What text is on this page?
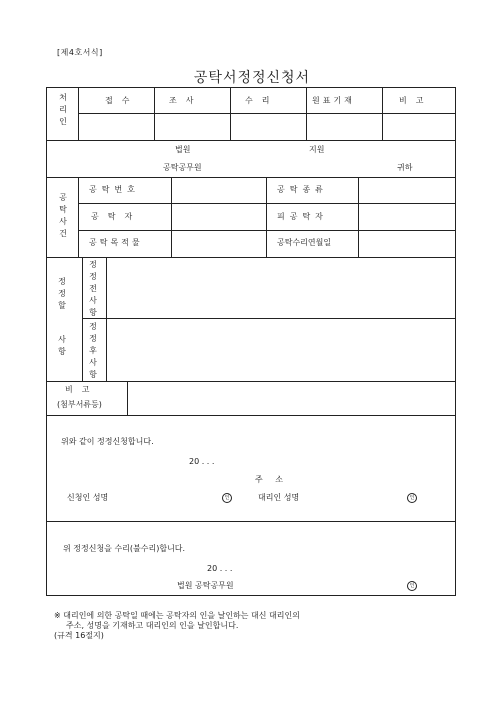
[제4호서식]
공탁서정정신청서
처리인
접수	조사	수리	원표기재	비고
법원	지원
공탁공무원	귀하
공탁사건
공탁번호	공탁종류
공탁자	피공탁자
공탁목적물	공탁수리연월일
정정할
사항
정정전사항
정정후사항
비고
(첨부서류등)
위와 같이 정정신청합니다.
20 . . .
주 소
신청인 성명	인	대리인 성명	인
위 정정신청을 수리(불수리)합니다.
20 . . .
법원 공탁공무원	인
※ 대리인에 의한 공탁일 때에는 공탁자의 인을 날인하는 대신 대리인의
주소, 성명을 기재하고 대리인의 인을 날인합니다.
(규격 16절지)
